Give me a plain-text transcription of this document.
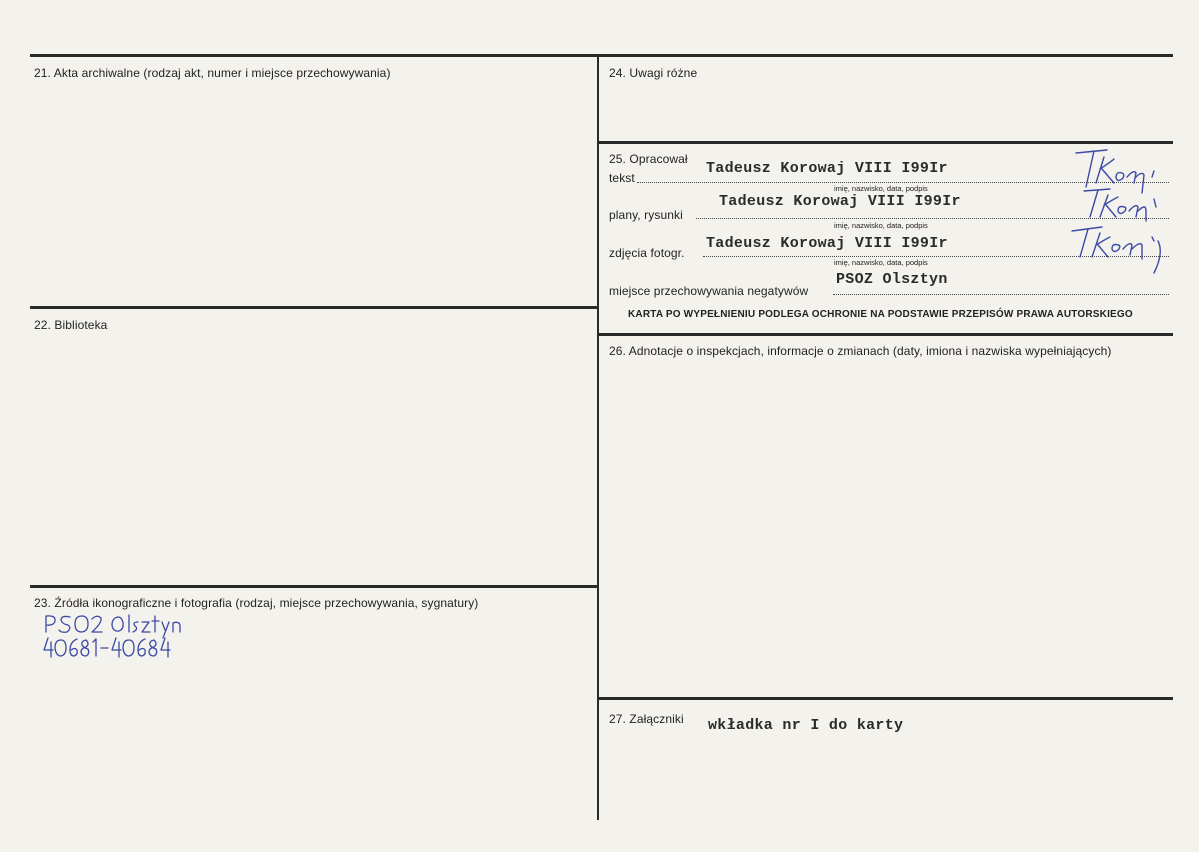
21. Akta archiwalne (rodzaj akt, numer i miejsce przechowywania)
22. Biblioteka
23. Źródła ikonograficzne i fotografia (rodzaj, miejsce przechowywania, sygnatury)
24. Uwagi różne
25. Opracował
tekst
Tadeusz Korowaj VIII I99Ir
imię, nazwisko, data, podpis
plany, rysunki
Tadeusz Korowaj VIII I99Ir
imię, nazwisko, data, podpis
zdjęcia fotogr.
Tadeusz Korowaj VIII I99Ir
imię, nazwisko, data, podpis
miejsce przechowywania negatywów
PSOZ Olsztyn
KARTA PO WYPEŁNIENIU PODLEGA OCHRONIE NA PODSTAWIE PRZEPISÓW PRAWA AUTORSKIEGO
26. Adnotacje o inspekcjach, informacje o zmianach (daty, imiona i nazwiska wypełniających)
27. Załączniki wkładka nr I do karty
